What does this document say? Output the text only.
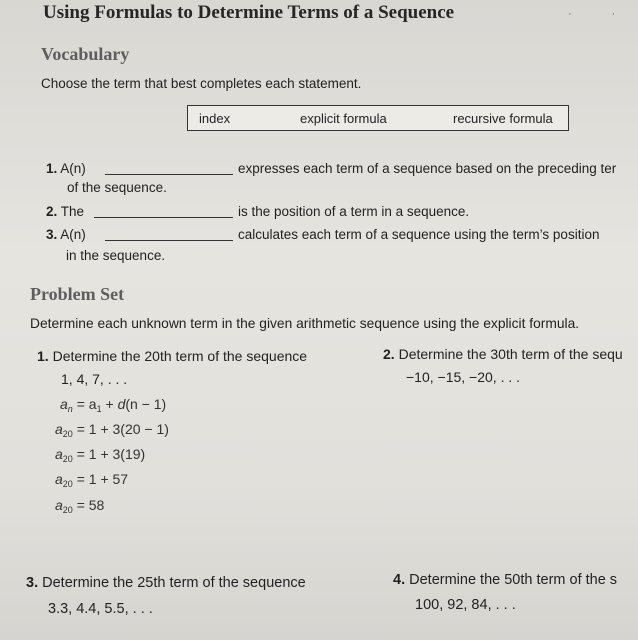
Using Formulas to Determine Terms of a Sequence	· ·
Vocabulary
Choose the term that best completes each statement.
index	explicit formula	recursive formula
1. A(n)	expresses each term of a sequence based on the preceding ter
of the sequence.
2. The	is the position of a term in a sequence.
3. A(n)	calculates each term of a sequence using the term’s position
in the sequence.
Problem Set
Determine each unknown term in the given arithmetic sequence using the explicit formula.
1. Determine the 20th term of the sequence
1, 4, 7, . . .
$a_n = a_1 + d(n - 1)$
$a_{20} = 1 + 3(20 - 1)$
$a_{20} = 1 + 3(19)$
$a_{20} = 1 + 57$
$a_{20} = 58$
2. Determine the 30th term of the sequ
−10, −15, −20, . . .
3. Determine the 25th term of the sequence
3.3, 4.4, 5.5, . . .
4. Determine the 50th term of the s
100, 92, 84, . . .
